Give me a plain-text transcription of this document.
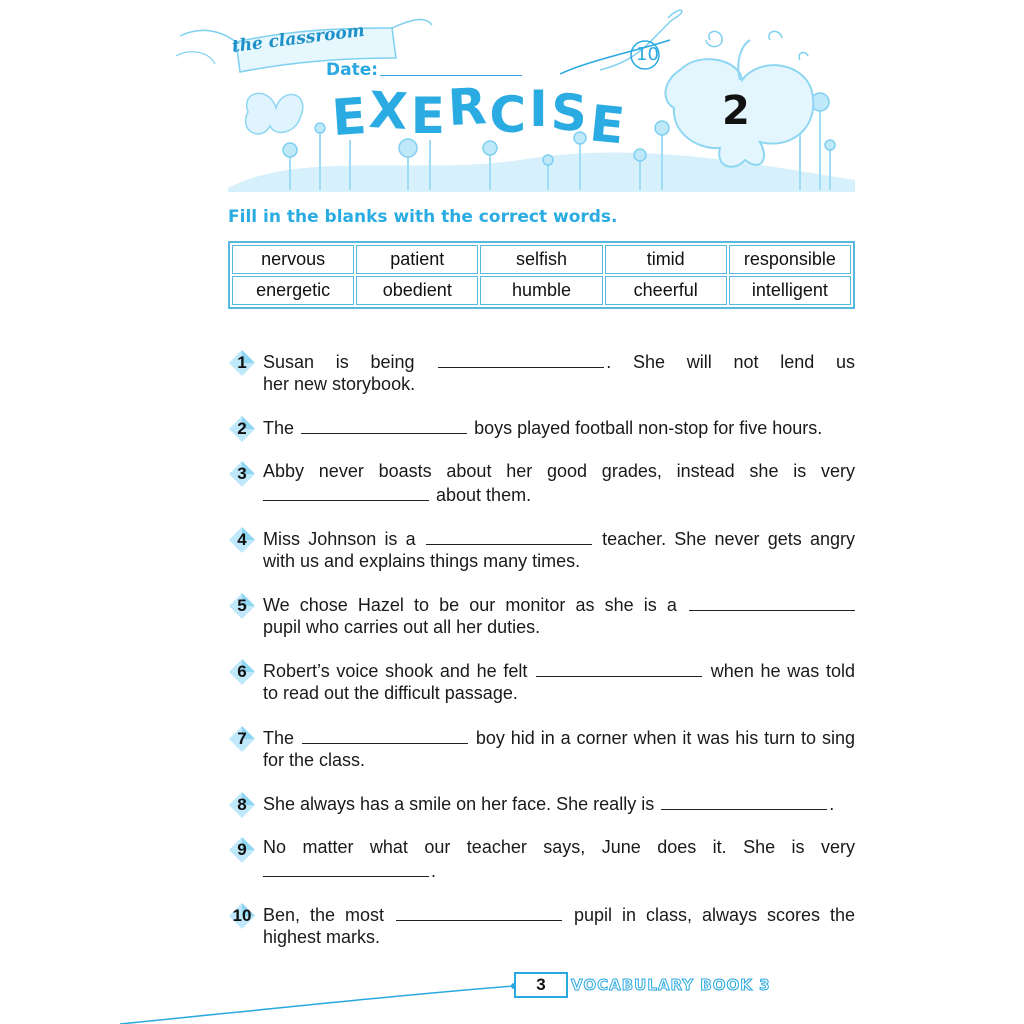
the classroom
Date:
10
EXERCISE 2
Fill in the blanks with the correct words.
nervous	patient	selfish	timid	responsible
energetic	obedient	humble	cheerful	intelligent
1 Susan is being	. She will not lend us
her new storybook.
2 The	boys played football non-stop for five hours.
3 Abby never boasts about her good grades, instead she is very
about them.
4 Miss Johnson is a	teacher. She never gets angry
with us and explains things many times.
5 We chose Hazel to be our monitor as she is a
pupil who carries out all her duties.
6 Robert’s voice shook and he felt	when he was told
to read out the difficult passage.
7 The	boy hid in a corner when it was his turn to sing
for the class.
8 She always has a smile on her face. She really is	.
9 No matter what our teacher says, June does it. She is very
.
10 Ben, the most	pupil in class, always scores the
highest marks.
3	VOCABULARY BOOK 3
